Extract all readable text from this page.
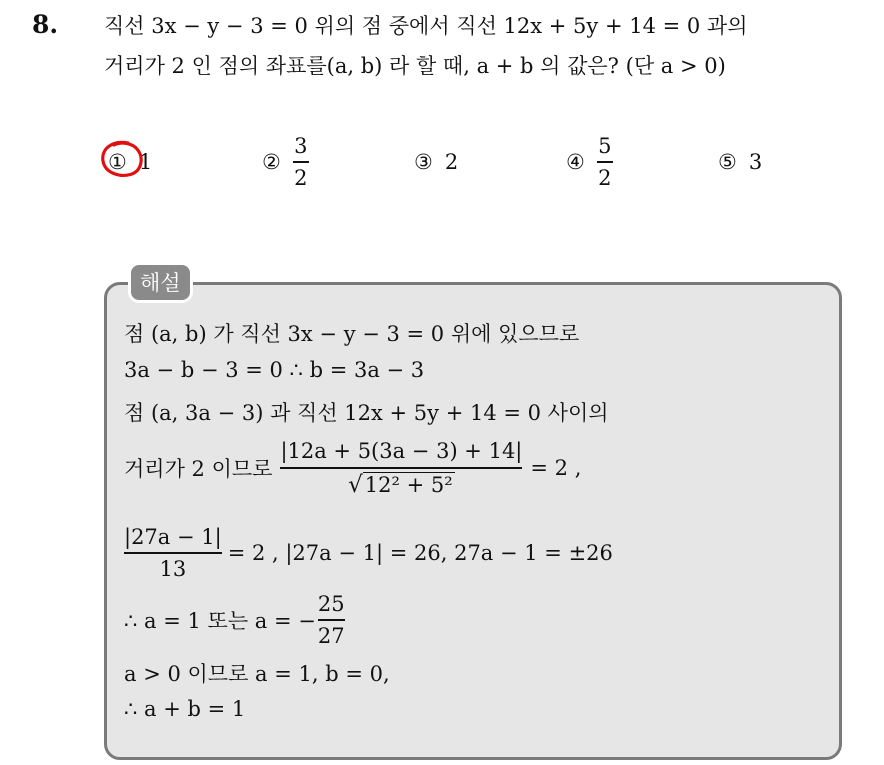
8. 직선 3x − y − 3 = 0 위의 점 중에서 직선 12x + 5y + 14 = 0 과의
거리가 2 인 점의 좌표를(a, b) 라 할 때, a + b 의 값은? (단 a > 0)
① 1	② $\frac{3}{2}$	③ 2	④ $\frac{5}{2}$	⑤ 3
해설
점 (a, b) 가 직선 3x − y − 3 = 0 위에 있으므로
3a − b − 3 = 0 ∴ b = 3a − 3
점 (a, 3a − 3) 과 직선 12x + 5y + 14 = 0 사이의
거리가 2 이므로 $\frac{|12a + 5(3a - 3) + 14|}{\text{√ 12² + 5²}} = 2$ ,
$\frac{|27a - 1|}{13} = 2$ , |27a − 1| = 26, 27a − 1 = ±26
∴ a = 1 또는 a = − $\frac{25}{27}$
a > 0 이므로 a = 1, b = 0,
∴ a + b = 1
